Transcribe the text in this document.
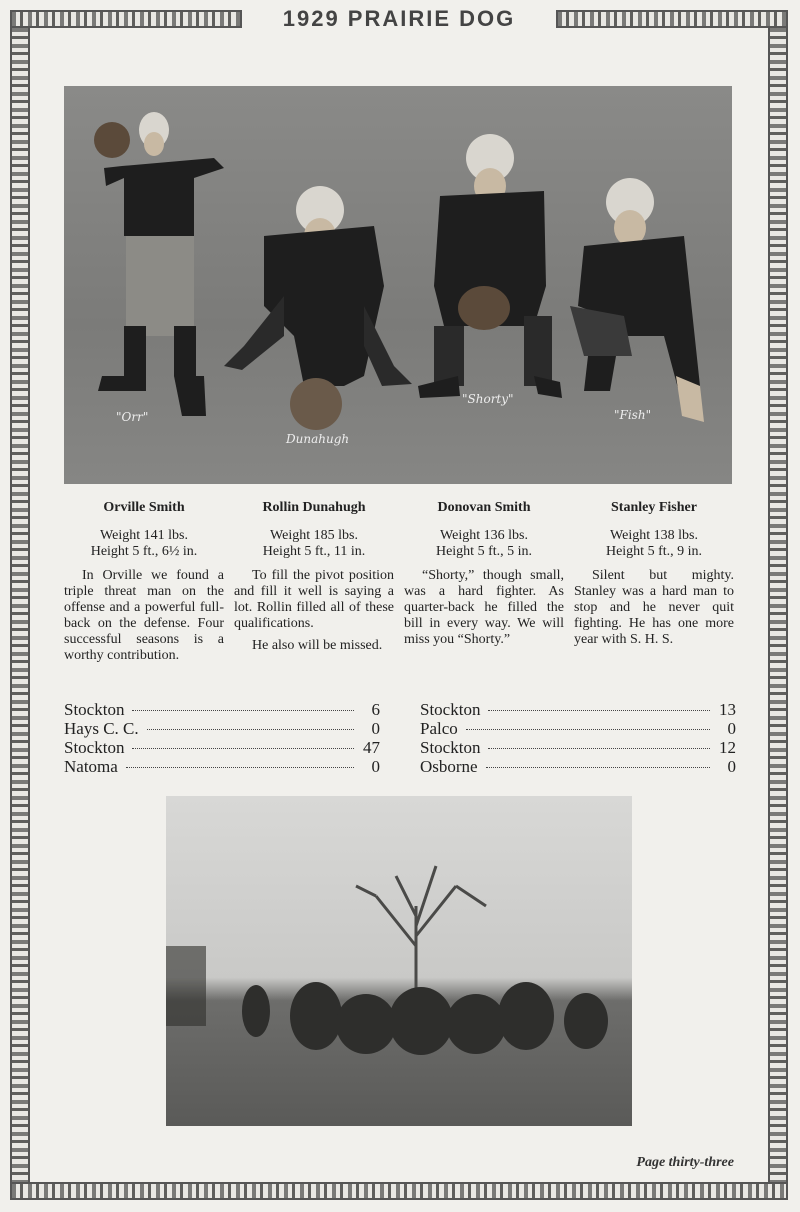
1929 PRAIRIE DOG
"Orr"
Dunahugh
"Shorty"
"Fish"
Orville Smith
Weight 141 lbs.
Height 5 ft., 6½ in.

In Orville we found a triple threat man on the offense and a powerful full-back on the defense. Four successful seasons is a worthy contribution.

Rollin Dunahugh
Weight 185 lbs.
Height 5 ft., 11 in.

To fill the pivot position and fill it well is saying a lot. Rollin filled all of these qualifications.

He also will be missed.

Donovan Smith
Weight 136 lbs.
Height 5 ft., 5 in.

“Shorty,” though small, was a hard fighter. As quarter-back he filled the bill in every way. We will miss you “Shorty.”

Stanley Fisher
Weight 138 lbs.
Height 5 ft., 9 in.

Silent but mighty. Stanley was a hard man to stop and he never quit fighting. He has one more year with S. H. S.

Stockton	6
Hays C. C.	0
Stockton	47
Natoma	0
Stockton	13
Palco	0
Stockton	12
Osborne	0
Page thirty-three
